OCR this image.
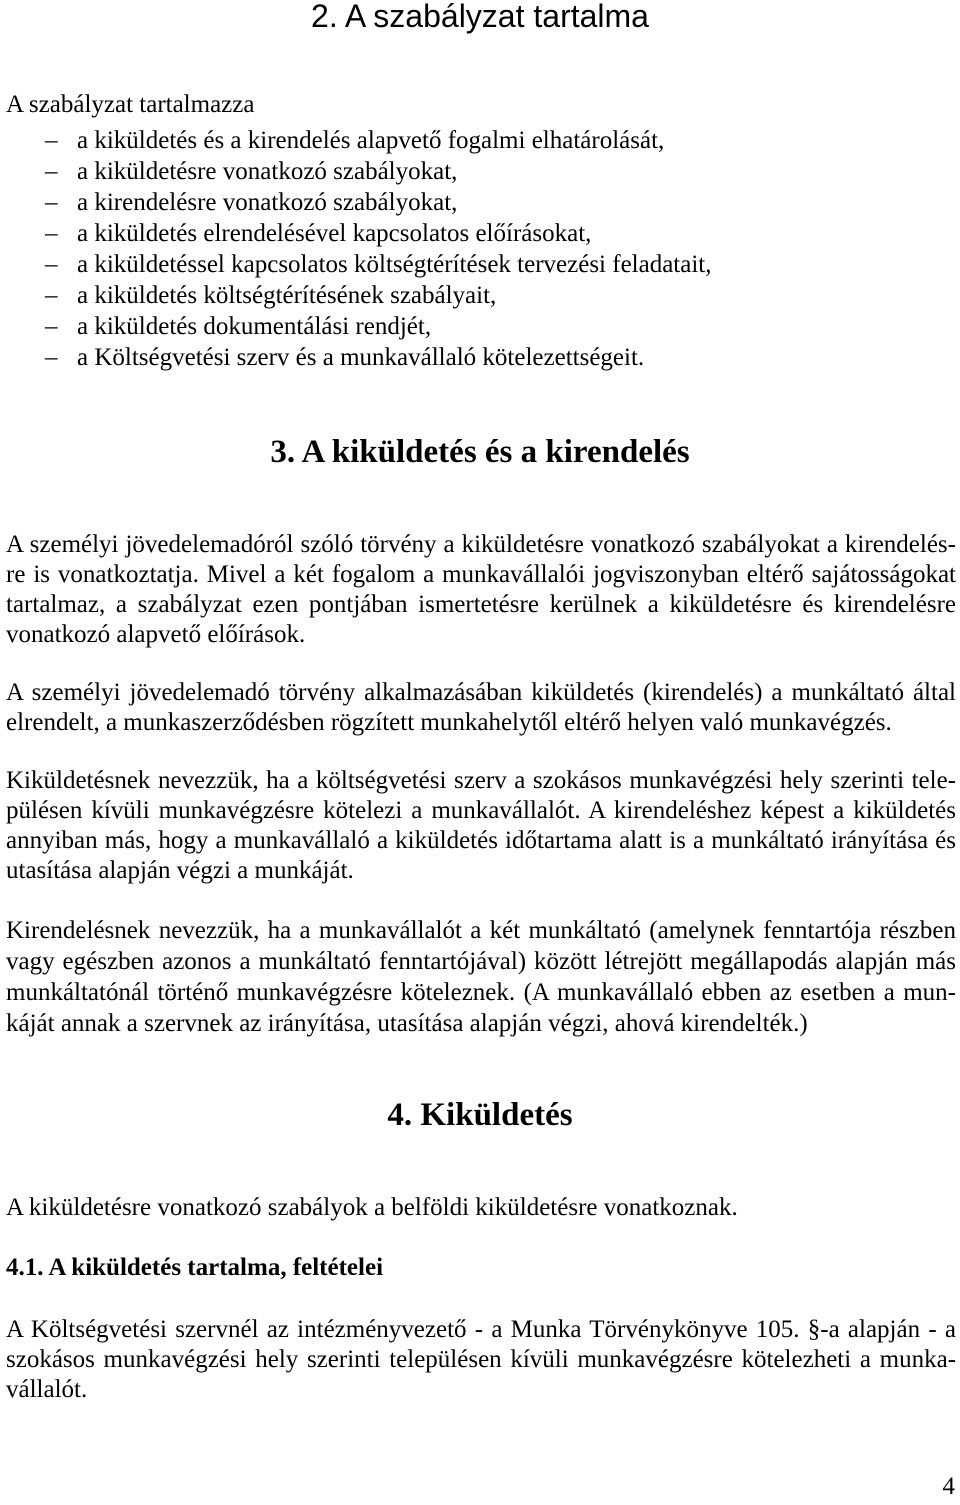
2. A szabályzat tartalma
A szabályzat tartalmazza
– a kiküldetés és a kirendelés alapvető fogalmi elhatárolását,
– a kiküldetésre vonatkozó szabályokat,
– a kirendelésre vonatkozó szabályokat,
– a kiküldetés elrendelésével kapcsolatos előírásokat,
– a kiküldetéssel kapcsolatos költségtérítések tervezési feladatait,
– a kiküldetés költségtérítésének szabályait,
– a kiküldetés dokumentálási rendjét,
– a Költségvetési szerv és a munkavállaló kötelezettségeit.
3. A kiküldetés és a kirendelés
A személyi jövedelemadóról szóló törvény a kiküldetésre vonatkozó szabályokat a kirendelés-
re is vonatkoztatja. Mivel a két fogalom a munkavállalói jogviszonyban eltérő sajátosságokat
tartalmaz, a szabályzat ezen pontjában ismertetésre kerülnek a kiküldetésre és kirendelésre
vonatkozó alapvető előírások.
A személyi jövedelemadó törvény alkalmazásában kiküldetés (kirendelés) a munkáltató által
elrendelt, a munkaszerződésben rögzített munkahelytől eltérő helyen való munkavégzés.
Kiküldetésnek nevezzük, ha a költségvetési szerv a szokásos munkavégzési hely szerinti tele-
pülésen kívüli munkavégzésre kötelezi a munkavállalót. A kirendeléshez képest a kiküldetés
annyiban más, hogy a munkavállaló a kiküldetés időtartama alatt is a munkáltató irányítása és
utasítása alapján végzi a munkáját.
Kirendelésnek nevezzük, ha a munkavállalót a két munkáltató (amelynek fenntartója részben
vagy egészben azonos a munkáltató fenntartójával) között létrejött megállapodás alapján más
munkáltatónál történő munkavégzésre köteleznek. (A munkavállaló ebben az esetben a mun-
káját annak a szervnek az irányítása, utasítása alapján végzi, ahová kirendelték.)
4. Kiküldetés
A kiküldetésre vonatkozó szabályok a belföldi kiküldetésre vonatkoznak.
4.1. A kiküldetés tartalma, feltételei
A Költségvetési szervnél az intézményvezető - a Munka Törvénykönyve 105. §-a alapján - a
szokásos munkavégzési hely szerinti településen kívüli munkavégzésre kötelezheti a munka-
vállalót.
4
